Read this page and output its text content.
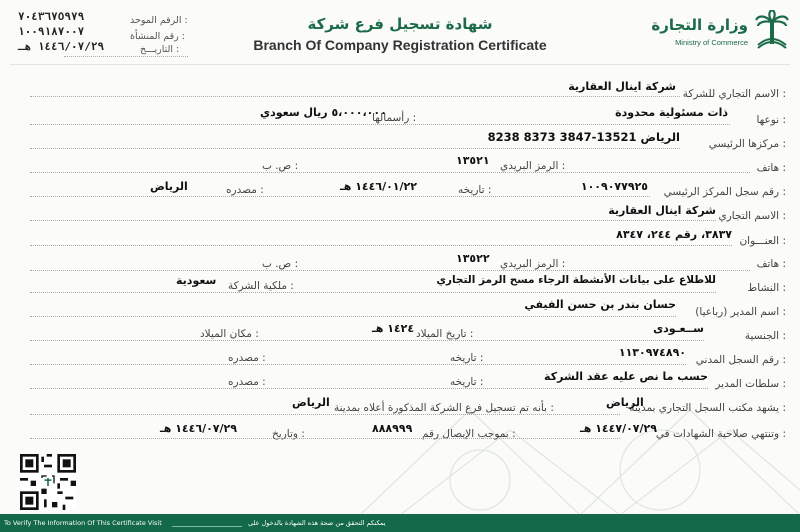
وزارة التجارة
Ministry of Commerce
شهادة تسجيل فرع شركة
Branch Of Company Registration Certificate
٧٠٤٣٦٧٥٩٧٩	الرقم الموحد :
١٠٠٩١٨٧٠٠٧	رقم المنشأة :
١٤٤٦/٠٧/٢٩ هـ	التاريـــخ :
الاسم التجاري للشركة :
شركة اينال العقارية
نوعها :
ذات مسئولية محدودة
رأسمالها :
٥،٠٠٠،٠٠٠ ريال سعودي
مركزها الرئيسي :
8238 الرياض 13521-3847 8373
هاتف :
الرمز البريدي :
١٣٥٢١
ص. ب :
رقم سجل المركز الرئيسي :
١٠٠٩٠٧٧٩٢٥
تاريخه :
١٤٤٦/٠١/٢٢ هـ
مصدره :
الرياض
الاسم التجاري :
شركة اينال العقارية
العنـــوان :
٣٨٣٧، رقم ٢٤٤، ٨٣٤٧
هاتف :
الرمز البريدي :
١٣٥٢٢
ص. ب :
النشاط :
للاطلاع على بيانات الأنشطة الرجاء مسح الرمز التجاري
ملكية الشركة :
سعودية
اسم المدير (رباعيا) :
حسان بندر بن حسن الفيفي
الجنسية :
ســعـودى
تاريخ الميلاد :
١٤٢٤ هـ
مكان الميلاد :
رقم السجل المدني :
١١٣٠٩٧٤٨٩٠
تاريخه :
مصدره :
سلطات المدير :
حسب ما نص عليه عقد الشركة
تاريخه :
مصدره :
يشهد مكتب السجل التجاري بمدينة :
الرياض
بأنه تم تسجيل فرع الشركة المذكورة أعلاه بمدينة :
الرياض
وتنتهي صلاحية الشهادات في :
١٤٤٧/٠٧/٢٩ هـ
بموجب الإيصال رقم :
٨٨٨٩٩٩
وتاريخ :
١٤٤٦/٠٧/٢٩ هـ
To Verify The Information Of This Certificate Visit	يمكنكم التحقق من صحة هذه الشهادة بالدخول على
